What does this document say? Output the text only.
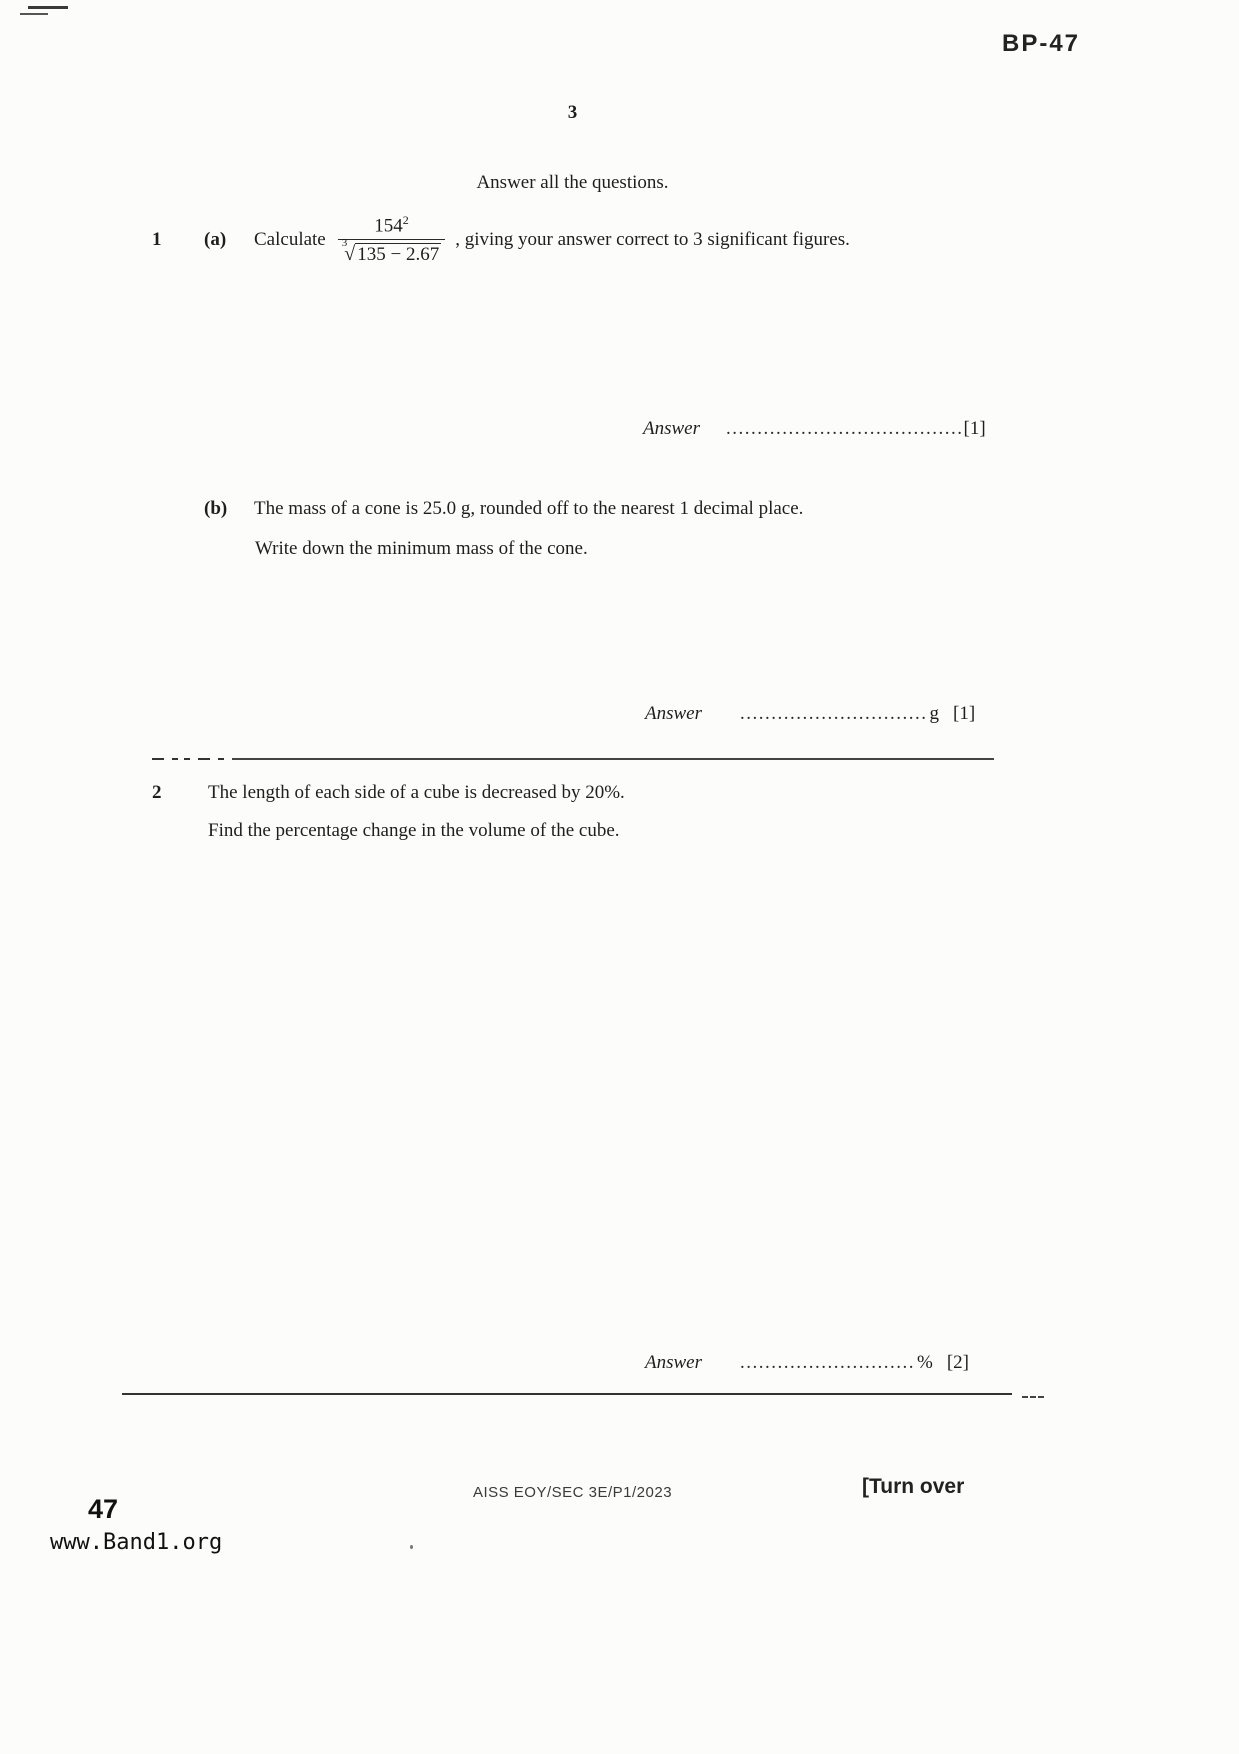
BP-47
3
Answer all the questions.
1	(a)	Calculate $\frac{154^2}{^3√ 135 - 2.67}$ , giving your answer correct to 3 significant figures.
Answer ...................................... [1]
(b)	The mass of a cone is 25.0 g, rounded off to the nearest 1 decimal place.
Write down the minimum mass of the cone.
Answer .............................. g [1]
2	The length of each side of a cube is decreased by 20%.
Find the percentage change in the volume of the cube.
Answer ............................ % [2]
AISS EOY/SEC 3E/P1/2023	[Turn over
47
www.Band1.org
